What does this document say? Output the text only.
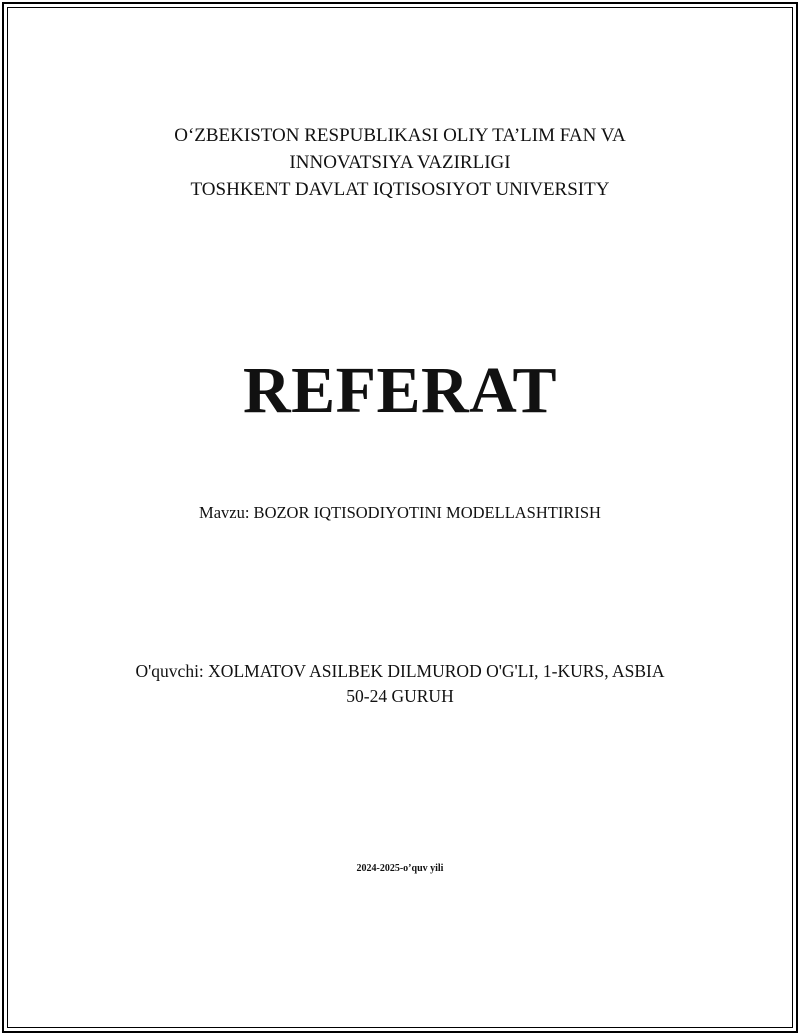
O‘ZBEKISTON RESPUBLIKASI OLIY TA’LIM FAN VA
INNOVATSIYA VAZIRLIGI
TOSHKENT DAVLAT IQTISOSIYOT UNIVERSITY
REFERAT
Mavzu: BOZOR IQTISODIYOTINI MODELLASHTIRISH
O'quvchi: XOLMATOV ASILBEK DILMUROD O'G'LI, 1-KURS, ASBIA
50-24 GURUH
2024-2025-o’quv yili
